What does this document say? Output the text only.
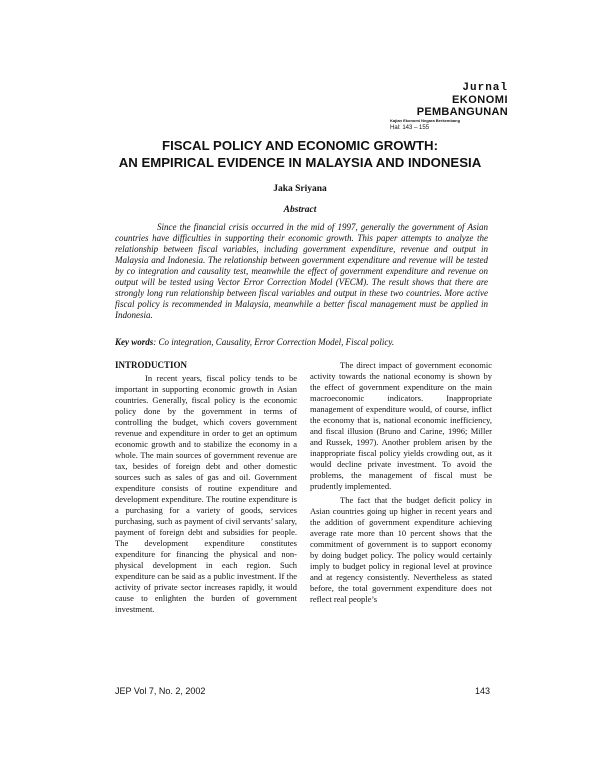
Jurnal
EKONOMI
PEMBANGUNAN
Kajian Ekonomi Negara Berkembang
Hal: 143 – 155
FISCAL POLICY AND ECONOMIC GROWTH:
AN EMPIRICAL EVIDENCE IN MALAYSIA AND INDONESIA
Jaka Sriyana
Abstract

Since the financial crisis occurred in the mid of 1997, generally the government of Asian countries have difficulties in supporting their economic growth. This paper attempts to analyze the relationship between fiscal variables, including government expenditure, revenue and output in Malaysia and Indonesia. The relationship between government expenditure and revenue will be tested by co integration and causality test, meanwhile the effect of government expenditure and revenue on output will be tested using Vector Error Correction Model (VECM). The result shows that there are strongly long run relationship between fiscal variables and output in these two countries. More active fiscal policy is recommended in Malaysia, meanwhile a better fiscal management must be applied in Indonesia.

Key words: Co integration, Causality, Error Correction Model, Fiscal policy.

INTRODUCTION

In recent years, fiscal policy tends to be important in supporting economic growth in Asian countries. Generally, fiscal policy is the economic policy done by the government in terms of controlling the budget, which covers government revenue and expenditure in order to get an optimum economic growth and to stabilize the economy in a whole. The main sources of government revenue are tax, besides of foreign debt and other domestic sources such as sales of gas and oil. Government expenditure consists of routine expenditure and development expenditure. The routine expenditure is a purchasing for a variety of goods, services purchasing, such as payment of civil servants’ salary, payment of foreign debt and subsidies for people. The development expenditure constitutes expenditure for financing the physical and non-physical development in each region. Such expenditure can be said as a public investment. If the activity of private sector increases rapidly, it would cause to enlighten the burden of government investment.

The direct impact of government economic activity towards the national economy is shown by the effect of government expenditure on the main macroeconomic indicators. Inappropriate management of expenditure would, of course, inflict the economy that is, national economic inefficiency, and fiscal illusion (Bruno and Carine, 1996; Miller and Russek, 1997). Another problem arisen by the inappropriate fiscal policy yields crowding out, as it would decline private investment. To avoid the problems, the management of fiscal must be prudently implemented.

The fact that the budget deficit policy in Asian countries going up higher in recent years and the addition of government expenditure achieving average rate more than 10 percent shows that the commitment of government is to support economy by doing budget policy. The policy would certainly imply to budget policy in regional level at province and at regency consistently. Nevertheless as stated before, the total government expenditure does not reflect real people’s

JEP Vol 7, No. 2, 2002	143
